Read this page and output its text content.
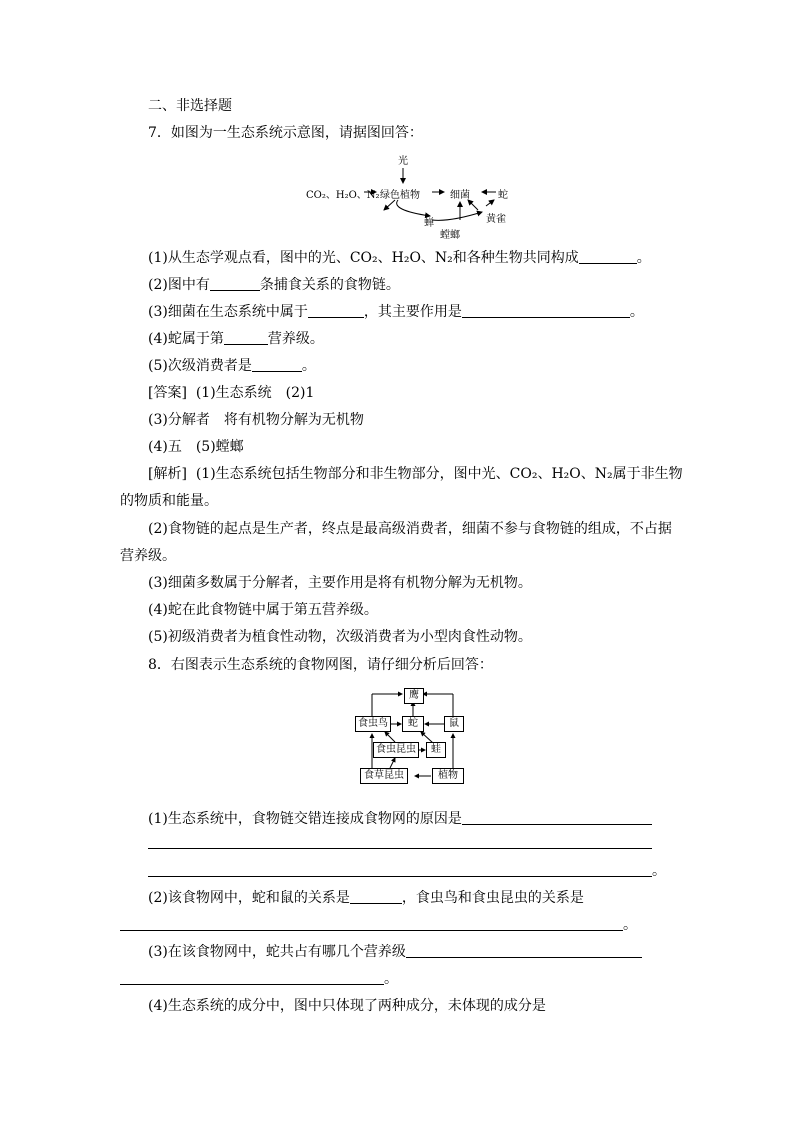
二、非选择题
7．如图为一生态系统示意图，请据图回答：
光
CO₂、H₂O、N₂ 绿色植物	细菌	蛇
蝉	黄雀
螳螂
(1)从生态学观点看，图中的光、CO₂、H₂O、N₂和各种生物共同构成	。
(2)图中有	条捕食关系的食物链。
(3)细菌在生态系统中属于	，其主要作用是	。
(4)蛇属于第	营养级。
(5)次级消费者是	。
[答案] (1)生态系统　(2)1
(3)分解者　将有机物分解为无机物
(4)五　(5)螳螂
[解析] (1)生态系统包括生物部分和非生物部分，图中光、CO₂、H₂O、N₂属于非生物
的物质和能量。
(2)食物链的起点是生产者，终点是最高级消费者，细菌不参与食物链的组成，不占据
营养级。
(3)细菌多数属于分解者，主要作用是将有机物分解为无机物。
(4)蛇在此食物链中属于第五营养级。
(5)初级消费者为植食性动物，次级消费者为小型肉食性动物。
8．右图表示生态系统的食物网图，请仔细分析后回答：
鹰
食虫鸟	蛇	鼠
食虫昆虫	蛙
食草昆虫	植物
(1)生态系统中，食物链交错连接成食物网的原因是
。
(2)该食物网中，蛇和鼠的关系是	，食虫鸟和食虫昆虫的关系是
。
(3)在该食物网中，蛇共占有哪几个营养级
。
(4)生态系统的成分中，图中只体现了两种成分，未体现的成分是
